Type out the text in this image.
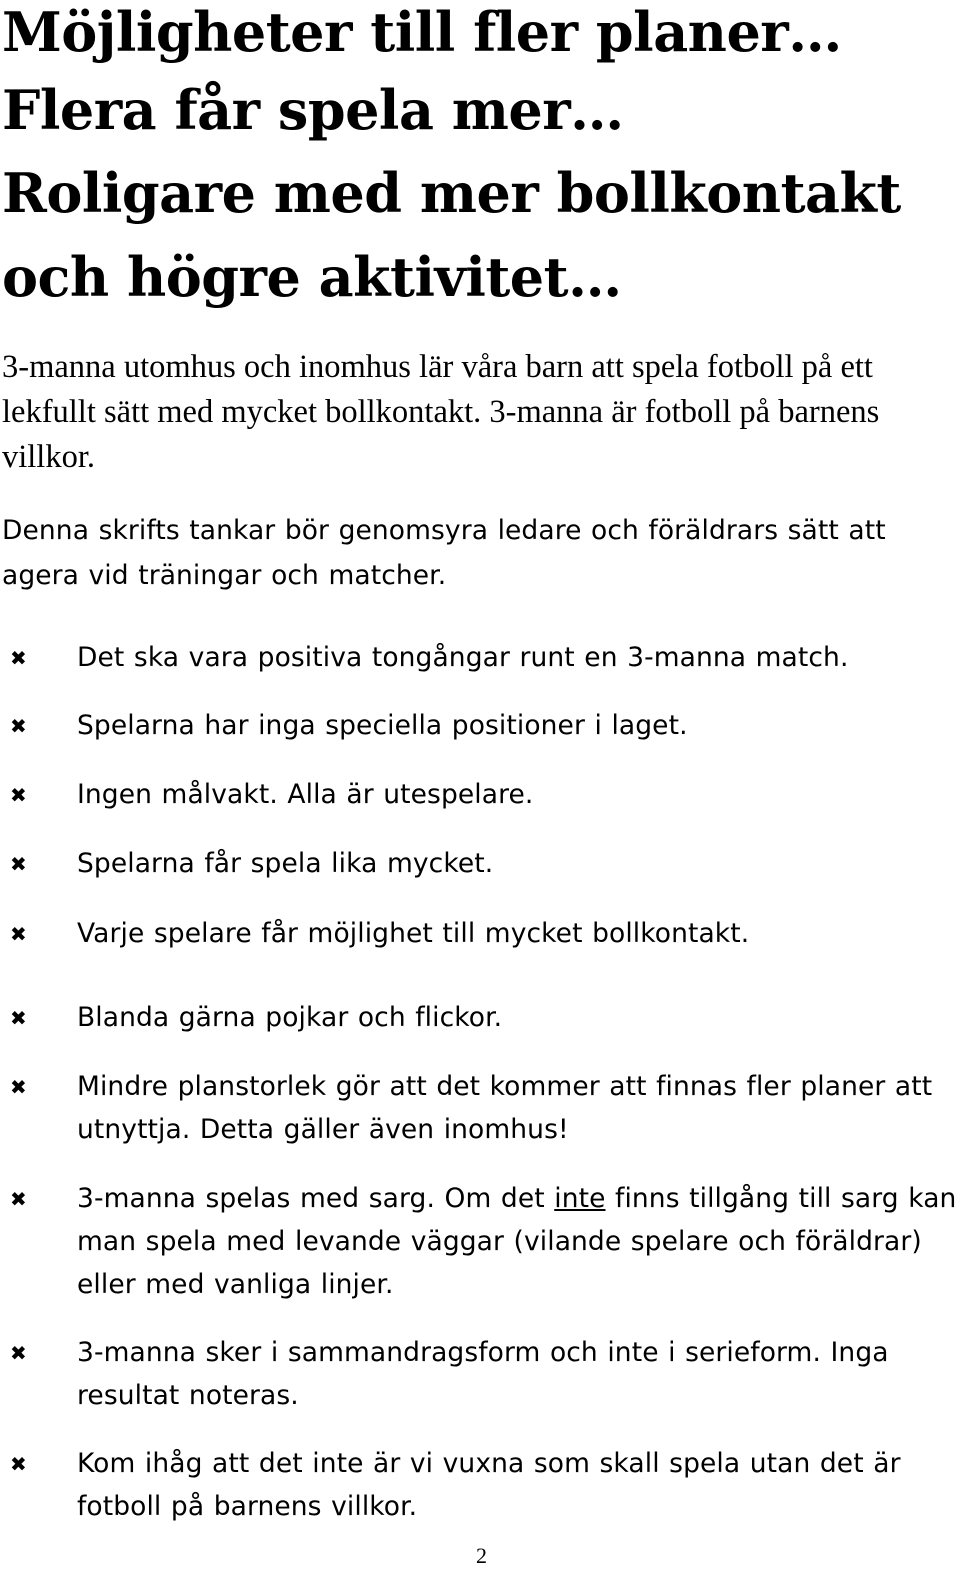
Möjligheter till fler planer…
Flera får spela mer…
Roligare med mer bollkontakt
och högre aktivitet…

3-manna utomhus och inomhus lär våra barn att spela fotboll på ett lekfullt sätt med mycket bollkontakt. 3-manna är fotboll på barnens villkor.

Denna skrifts tankar bör genomsyra ledare och föräldrars sätt att agera vid träningar och matcher.

✖ Det ska vara positiva tongångar runt en 3-manna match.
✖ Spelarna har inga speciella positioner i laget.
✖ Ingen målvakt. Alla är utespelare.
✖ Spelarna får spela lika mycket.
✖ Varje spelare får möjlighet till mycket bollkontakt.
✖ Blanda gärna pojkar och flickor.
✖ Mindre planstorlek gör att det kommer att finnas fler planer att utnyttja. Detta gäller även inomhus!
✖ 3-manna spelas med sarg. Om det inte finns tillgång till sarg kan man spela med levande väggar (vilande spelare och föräldrar) eller med vanliga linjer.
✖ 3-manna sker i sammandragsform och inte i serieform. Inga resultat noteras.
✖ Kom ihåg att det inte är vi vuxna som skall spela utan det är fotboll på barnens villkor.
2
